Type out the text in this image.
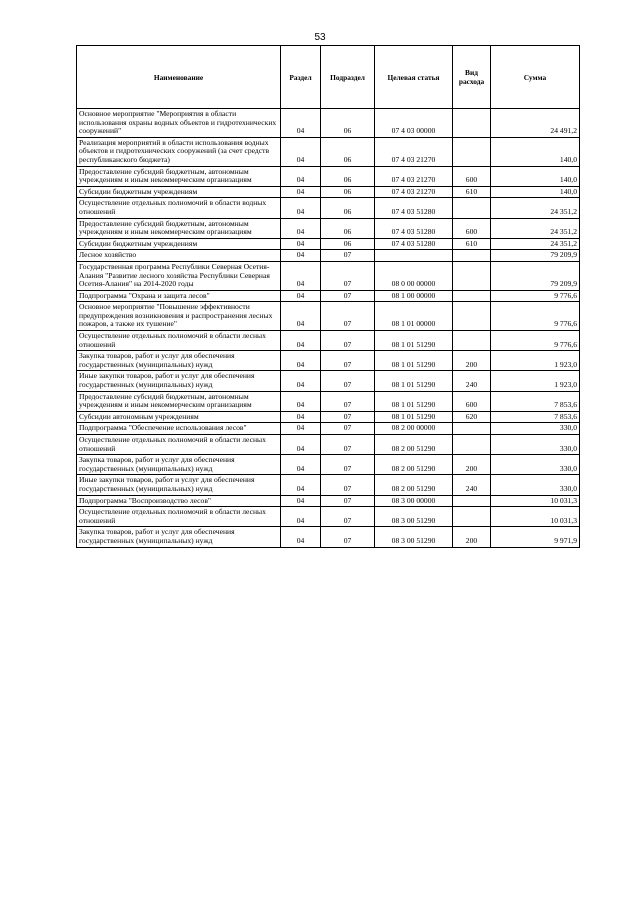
53
Наименование	Раздел	Подраздел	Целевая статья	Вид расхода	Сумма
Основное мероприятие "Мероприятия в области использования охраны водных объектов и гидротехнических сооружений"	04	06	07 4 03 00000		24 491,2
Реализация мероприятий в области использования водных объектов и гидротехнических сооружений (за счет средств республиканского бюджета)	04	06	07 4 03 21270		140,0
Предоставление субсидий бюджетным, автономным учреждениям и иным некоммерческим организациям	04	06	07 4 03 21270	600	140,0
Субсидии бюджетным учреждениям	04	06	07 4 03 21270	610	140,0
Осуществление отдельных полномочий в области водных отношений	04	06	07 4 03 51280		24 351,2
Предоставление субсидий бюджетным, автономным учреждениям и иным некоммерческим организациям	04	06	07 4 03 51280	600	24 351,2
Субсидии бюджетным учреждениям	04	06	07 4 03 51280	610	24 351,2
Лесное хозяйство	04	07			79 209,9
Государственная программа Республики Северная Осетия-Алания "Развитие лесного хозяйства Республики Северная Осетия-Алания" на 2014-2020 годы	04	07	08 0 00 00000		79 209,9
Подпрограмма "Охрана и защита лесов"	04	07	08 1 00 00000		9 776,6
Основное мероприятие "Повышение эффективности предупреждения возникновения и распространения лесных пожаров, а также их тушение"	04	07	08 1 01 00000		9 776,6
Осуществление отдельных полномочий в области лесных отношений	04	07	08 1 01 51290		9 776,6
Закупка товаров, работ и услуг для обеспечения государственных (муниципальных) нужд	04	07	08 1 01 51290	200	1 923,0
Иные закупки товаров, работ и услуг для обеспечения государственных (муниципальных) нужд	04	07	08 1 01 51290	240	1 923,0
Предоставление субсидий бюджетным, автономным учреждениям и иным некоммерческим организациям	04	07	08 1 01 51290	600	7 853,6
Субсидии автономным учреждениям	04	07	08 1 01 51290	620	7 853,6
Подпрограмма "Обеспечение использования лесов"	04	07	08 2 00 00000		330,0
Осуществление отдельных полномочий в области лесных отношений	04	07	08 2 00 51290		330,0
Закупка товаров, работ и услуг для обеспечения государственных (муниципальных) нужд	04	07	08 2 00 51290	200	330,0
Иные закупки товаров, работ и услуг для обеспечения государственных (муниципальных) нужд	04	07	08 2 00 51290	240	330,0
Подпрограмма "Воспроизводство лесов"	04	07	08 3 00 00000		10 031,3
Осуществление отдельных полномочий в области лесных отношений	04	07	08 3 00 51290		10 031,3
Закупка товаров, работ и услуг для обеспечения государственных (муниципальных) нужд	04	07	08 3 00 51290	200	9 971,9
